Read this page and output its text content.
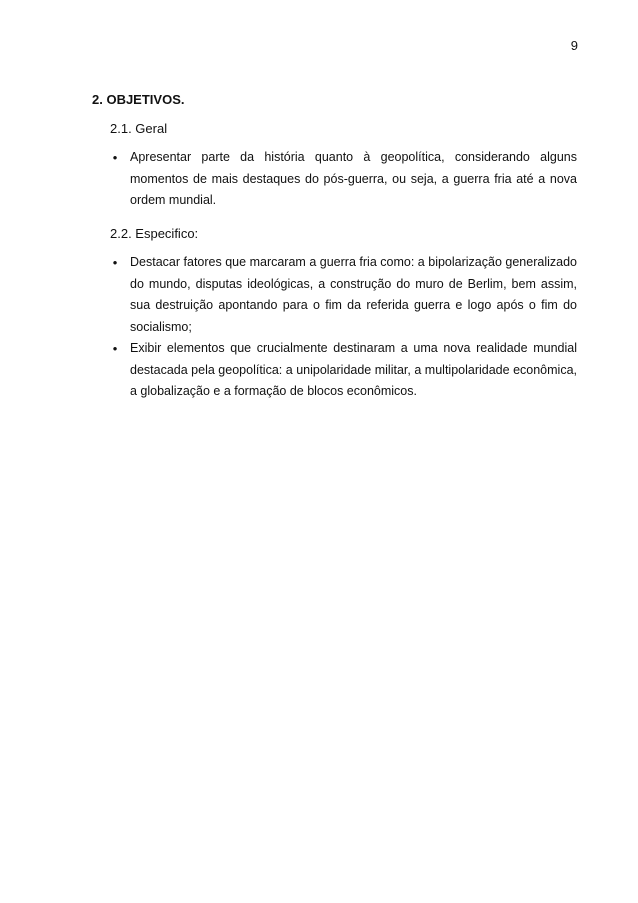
9
2. OBJETIVOS.
2.1. Geral
• Apresentar parte da história quanto à geopolítica, considerando alguns momentos de mais destaques do pós-guerra, ou seja, a guerra fria até a nova ordem mundial.
2.2. Especifico:
• Destacar fatores que marcaram a guerra fria como: a bipolarização generalizado do mundo, disputas ideológicas, a construção do muro de Berlim, bem assim, sua destruição apontando para o fim da referida guerra e logo após o fim do socialismo;
• Exibir elementos que crucialmente destinaram a uma nova realidade mundial destacada pela geopolítica: a unipolaridade militar, a multipolaridade econômica, a globalização e a formação de blocos econômicos.
